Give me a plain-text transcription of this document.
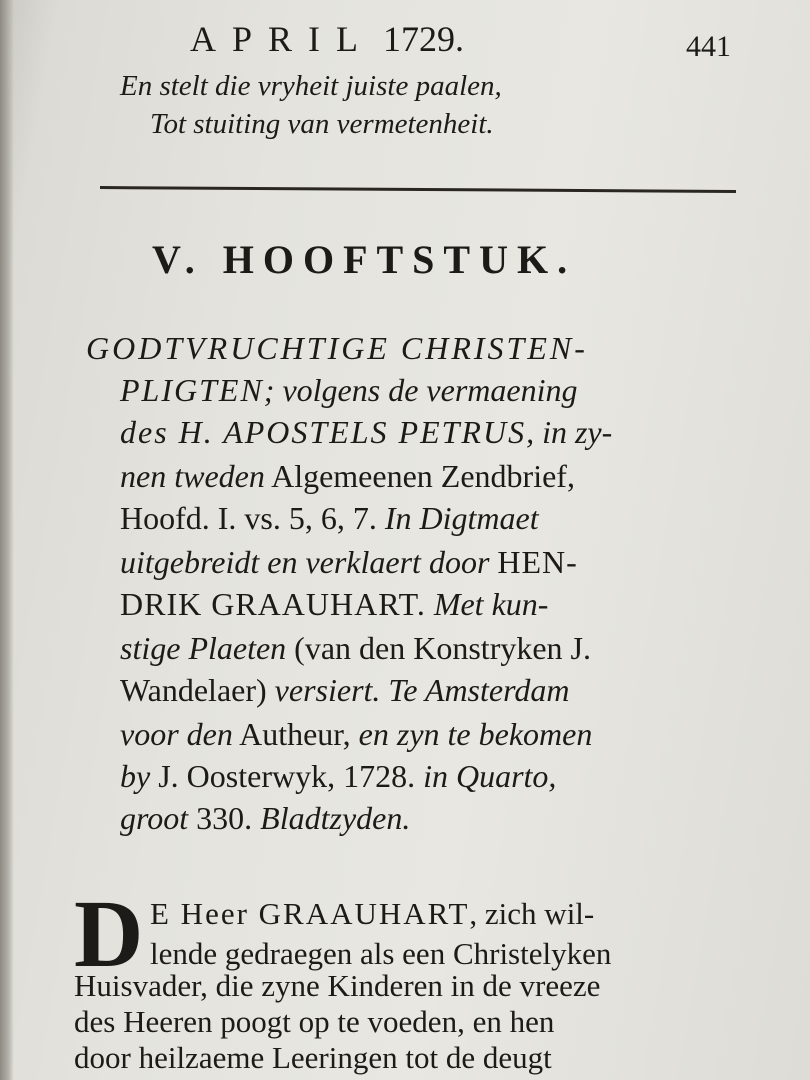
APRIL 1729.	441

En stelt die vryheit juiste paalen,

Tot stuiting van vermetenheit.

V. HOOFTSTUK.

GODTVRUCHTIGE CHRISTEN-

PLIGTEN; volgens de vermaening

des H. APOSTELS PETRUS, in zy-

nen tweden Algemeenen Zendbrief,

Hoofd. I. vs. 5, 6, 7. In Digtmaet

uitgebreidt en verklaert door HEN-

DRIK GRAAUHART. Met kun-

stige Plaeten (van den Konstryken J.

Wandelaer) versiert. Te Amsterdam

voor den Autheur, en zyn te bekomen

by J. Oosterwyk, 1728. in Quarto,

groot 330. Bladtzyden.

D E Heer GRAAUHART, zich wil-

lende gedraegen als een Christelyken

Huisvader, die zyne Kinderen in de vreeze

des Heeren poogt op te voeden, en hen

door heilzaeme Leeringen tot de deugt
